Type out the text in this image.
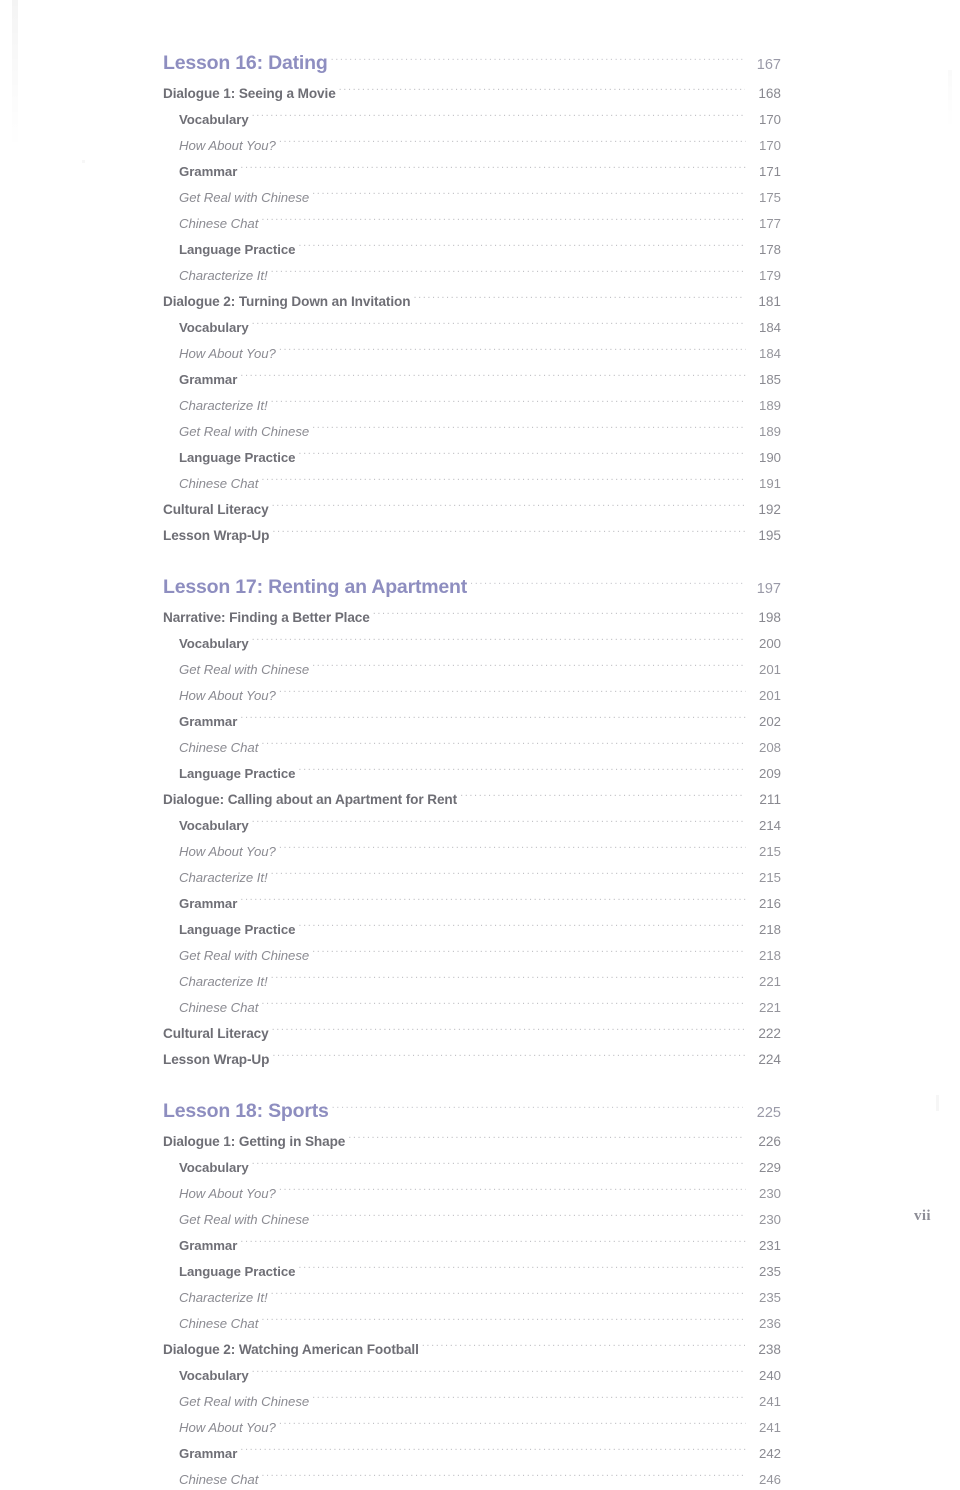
Lesson 16: Dating .....	167
Dialogue 1: Seeing a Movie .....	168
Vocabulary .....	170
How About You? .....	170
Grammar .....	171
Get Real with Chinese .....	175
Chinese Chat .....	177
Language Practice .....	178
Characterize It! .....	179
Dialogue 2: Turning Down an Invitation .....	181
Vocabulary .....	184
How About You? .....	184
Grammar .....	185
Characterize It! .....	189
Get Real with Chinese .....	189
Language Practice .....	190
Chinese Chat .....	191
Cultural Literacy .....	192
Lesson Wrap-Up .....	195
Lesson 17: Renting an Apartment .....	197
Narrative: Finding a Better Place .....	198
Vocabulary .....	200
Get Real with Chinese .....	201
How About You? .....	201
Grammar .....	202
Chinese Chat .....	208
Language Practice .....	209
Dialogue: Calling about an Apartment for Rent .....	211
Vocabulary .....	214
How About You? .....	215
Characterize It! .....	215
Grammar .....	216
Language Practice .....	218
Get Real with Chinese .....	218
Characterize It! .....	221
Chinese Chat .....	221
Cultural Literacy .....	222
Lesson Wrap-Up .....	224
Lesson 18: Sports .....	225
Dialogue 1: Getting in Shape .....	226
Vocabulary .....	229
How About You? .....	230
Get Real with Chinese .....	230
Grammar .....	231
Language Practice .....	235
Characterize It! .....	235
Chinese Chat .....	236
Dialogue 2: Watching American Football .....	238
Vocabulary .....	240
Get Real with Chinese .....	241
How About You? .....	241
Grammar .....	242
Chinese Chat .....	246
vii
